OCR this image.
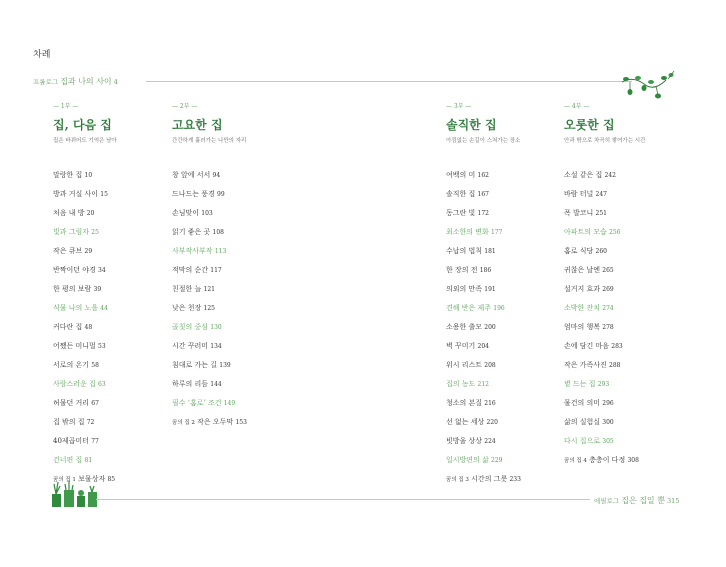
차례
프롤로그 집과 나의 사이 4
— 1부 —
집, 다음 집
집은 바뀌어도 기억은 남아
— 2부 —
고요한 집
간간하게 흘러가는 나만의 자리
— 3부 —
솔직한 집
아낌없는 손길이 스쳐가는 장소
— 4부 —
오롯한 집
안과 밖으로 차곡히 쌓여가는 시간
말랑한 집 10
방과 거실 사이 15
처음 내 방 20
빛과 그림자 25
작은 큐브 29
반짝이던 야경 34
한 평의 보람 39
식물 나의 노을 44
커다란 집 48
어쨌든 미니멀 53
서로의 온기 58
사랑스러운 집 63
허물던 거리 67
집 밖의 집 72
40제곱미터 77
건너편 집 81
꿈의 집 1 보물상자 85
창 앞에 서서 94
드나드는 풍경 99
손님맞이 103
읽기 좋은 곳 108
사부작사부작 113
적막의 순간 117
친절한 늘 121
낮은 천장 125
골칫의 중심 130
시간 꾸러미 134
침대로 가는 길 139
하루의 리듬 144
필수 ‘홈로’ 조건 149
꿈의 집 2 작은 오두막 153
여백의 미 162
솔직한 집 167
동그란 빛 172
최소한의 변화 177
수납의 법칙 181
한 장의 전 186
의외의 만족 191
견해 반은 제주 196
소용한 출모 200
벽 꾸미기 204
위시 리스트 208
집의 농도 212
청소의 본질 216
선 없는 세상 220
빗방울 상상 224
일시방편의 삶 229
꿈의 집 3 시간의 그릇 233
소설 같은 집 242
바람 터널 247
폭 발코니 251
아파트의 모습 256
홈로 식당 260
귀찮은 날엔 265
설거지 효과 269
소박한 잔치 274
엄마의 행복 278
손에 담긴 마음 283
작은 가족사진 288
볕 드는 집 293
물건의 의미 296
삶의 실험실 300
다시 집으로 305
꿈의 집 4 층층이 다정 308
에필로그 집은 집일 뿐 315
